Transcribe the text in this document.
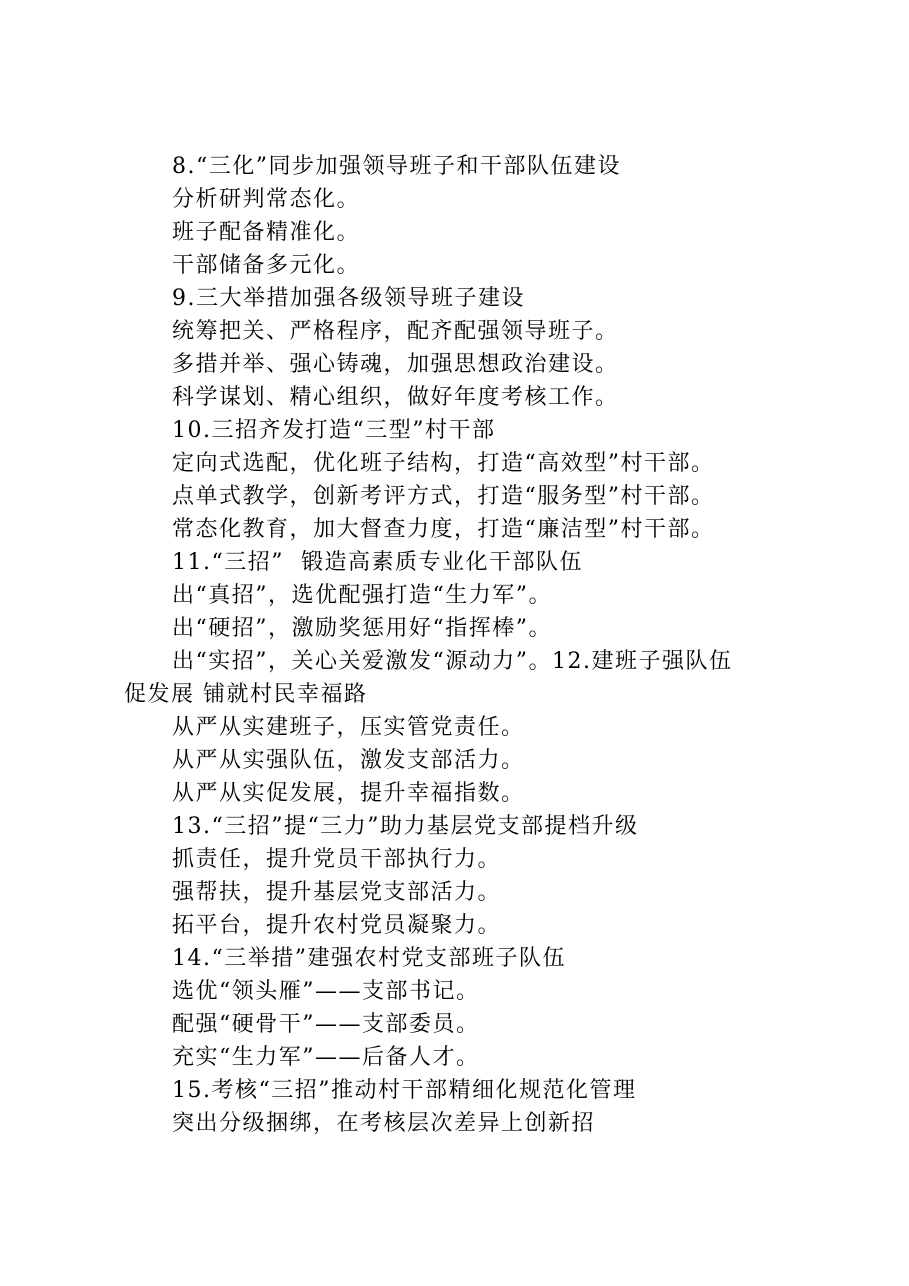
8.“三化”同步加强领导班子和干部队伍建设
分析研判常态化。
班子配备精准化。
干部储备多元化。
9.三大举措加强各级领导班子建设
统筹把关、严格程序，配齐配强领导班子。
多措并举、强心铸魂，加强思想政治建设。
科学谋划、精心组织，做好年度考核工作。
10.三招齐发打造“三型”村干部
定向式选配，优化班子结构，打造“高效型”村干部。
点单式教学，创新考评方式，打造“服务型”村干部。
常态化教育，加大督查力度，打造“廉洁型”村干部。
11.“三招”  锻造高素质专业化干部队伍
出“真招”，选优配强打造“生力军”。
出“硬招”，激励奖惩用好“指挥棒”。
出“实招”，关心关爱激发“源动力”。12.建班子强队伍
促发展 铺就村民幸福路
从严从实建班子，压实管党责任。
从严从实强队伍，激发支部活力。
从严从实促发展，提升幸福指数。
13.“三招”提“三力”助力基层党支部提档升级
抓责任，提升党员干部执行力。
强帮扶，提升基层党支部活力。
拓平台，提升农村党员凝聚力。
14.“三举措”建强农村党支部班子队伍
选优“领头雁”——支部书记。
配强“硬骨干”——支部委员。
充实“生力军”——后备人才。
15.考核“三招”推动村干部精细化规范化管理
突出分级捆绑，在考核层次差异上创新招
